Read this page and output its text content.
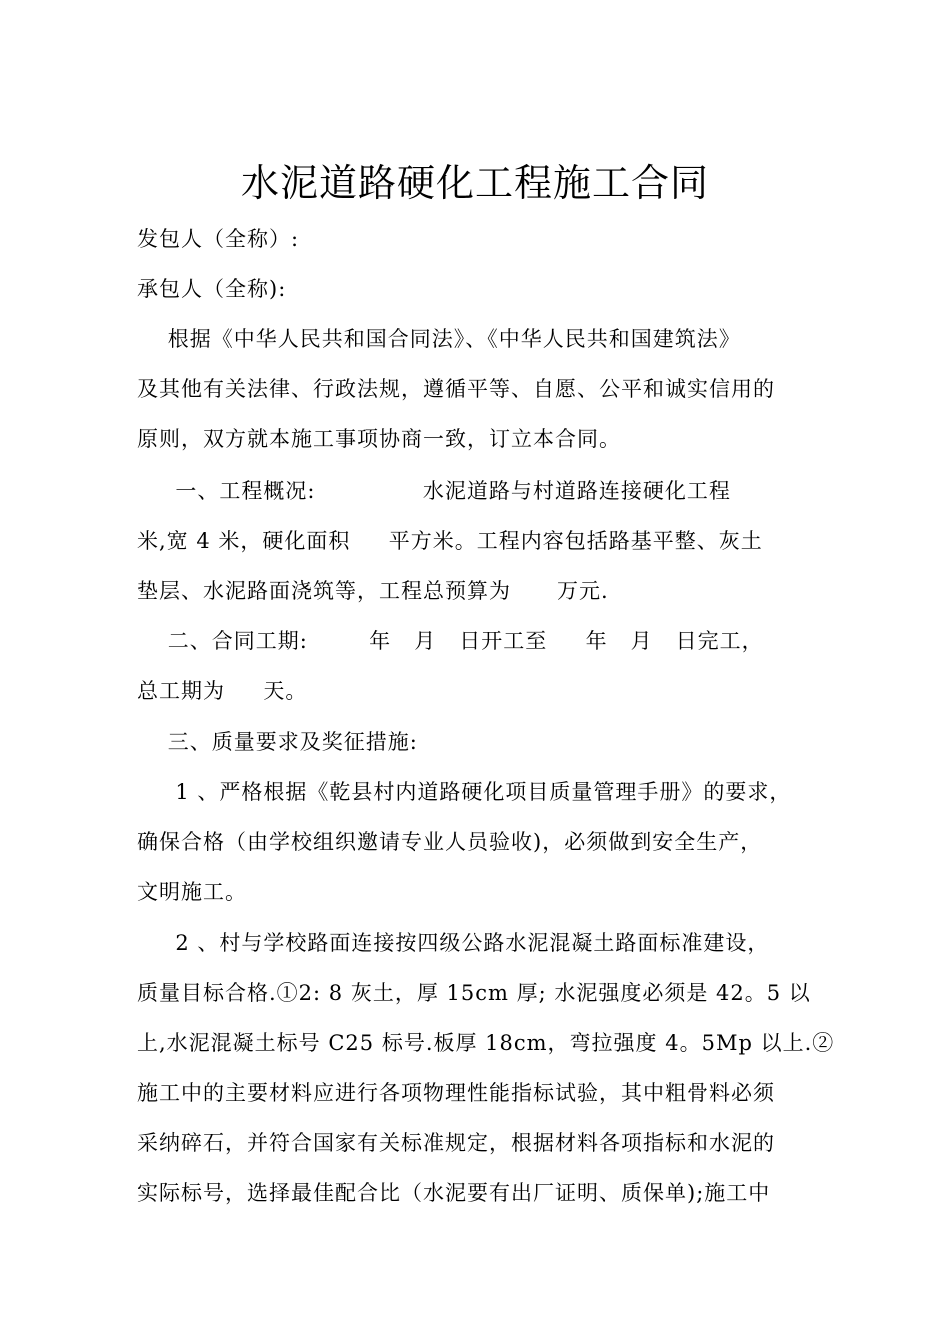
水泥道路硬化工程施工合同
发包人（全称）:
承包人（全称):
根据《中华人民共和国合同法》、《中华人民共和国建筑法》
及其他有关法律、行政法规，遵循平等、自愿、公平和诚实信用的
原则，双方就本施工事项协商一致，订立本合同。
一、工程概况:              水泥道路与村道路连接硬化工程
米,宽 4 米，硬化面积     平方米。工程内容包括路基平整、灰土
垫层、水泥路面浇筑等，工程总预算为      万元.
二、合同工期:        年   月   日开工至     年   月   日完工，
总工期为     天。
三、质量要求及奖征措施:
1 、严格根据《乾县村内道路硬化项目质量管理手册》的要求，
确保合格（由学校组织邀请专业人员验收)，必须做到安全生产，
文明施工。
2 、村与学校路面连接按四级公路水泥混凝土路面标准建设，
质量目标合格.①2: 8 灰土，厚 15cm 厚; 水泥强度必须是 42。5 以
上,水泥混凝土标号 C25 标号.板厚 18cm，弯拉强度 4。5Mp 以上.②
施工中的主要材料应进行各项物理性能指标试验，其中粗骨料必须
采纳碎石，并符合国家有关标准规定，根据材料各项指标和水泥的
实际标号，选择最佳配合比（水泥要有出厂证明、质保单);施工中
